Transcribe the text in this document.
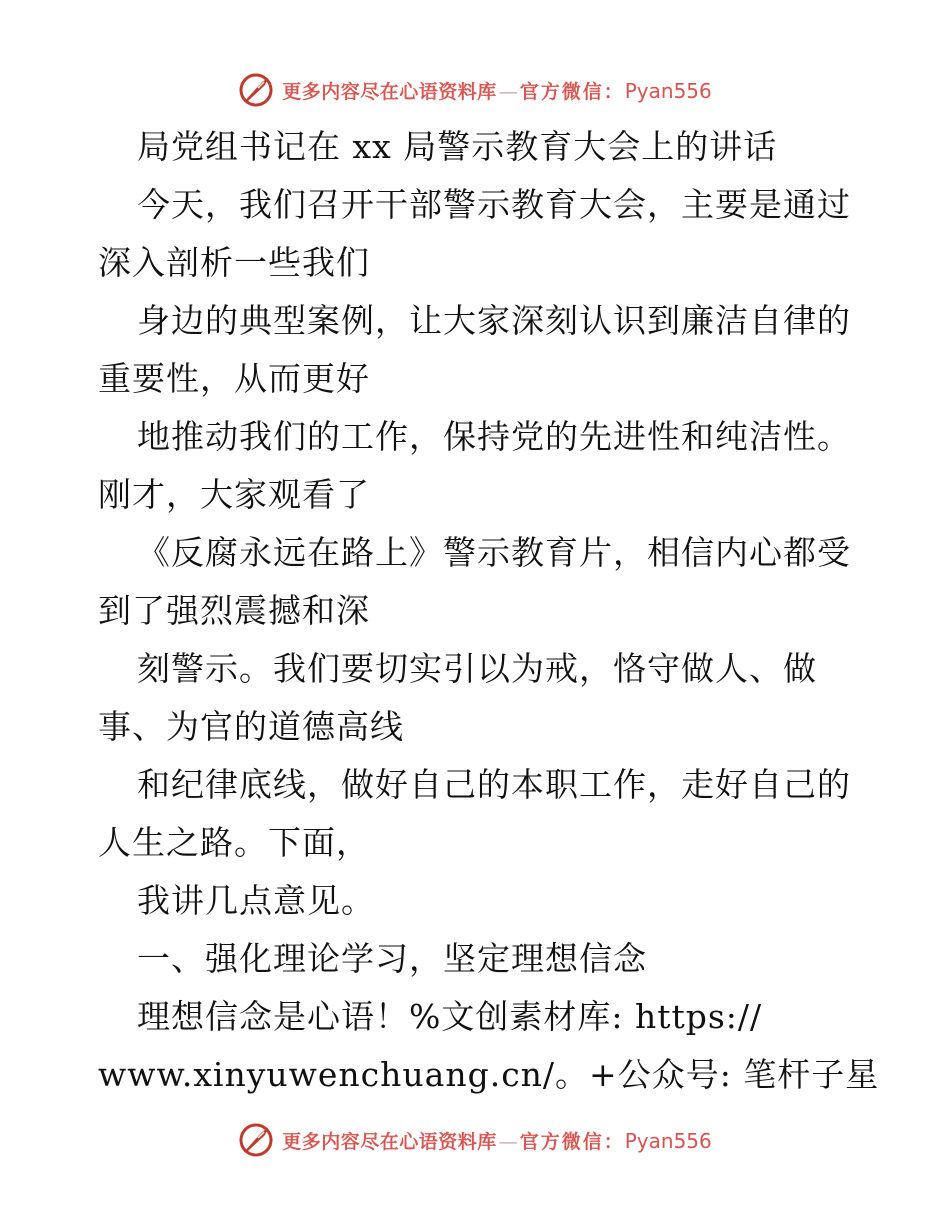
更多内容尽在心语资料库 — 官方微信： Pyan556
局党组书记在 xx 局警示教育大会上的讲话
今天，我们召开干部警示教育大会，主要是通过
深入剖析一些我们
身边的典型案例，让大家深刻认识到廉洁自律的
重要性，从而更好
地推动我们的工作，保持党的先进性和纯洁性。
刚才，大家观看了
《反腐永远在路上》警示教育片，相信内心都受
到了强烈震撼和深
刻警示。我们要切实引以为戒，恪守做人、做
事、为官的道德高线
和纪律底线，做好自己的本职工作，走好自己的
人生之路。下面，
我讲几点意见。
一、强化理论学习，坚定理想信念
理想信念是心语！%文创素材库: https://
www.xinyuwenchuang.cn/。+公众号: 笔杆子星
更多内容尽在心语资料库 — 官方微信： Pyan556
